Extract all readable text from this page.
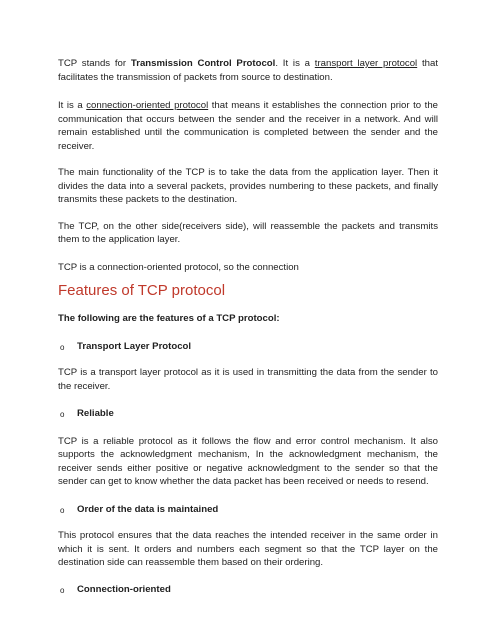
TCP stands for Transmission Control Protocol. It is a transport layer protocol that facilitates the transmission of packets from source to destination.

It is a connection-oriented protocol that means it establishes the connection prior to the communication that occurs between the sender and the receiver in a network. And will remain established until the communication is completed between the sender and the receiver.

The main functionality of the TCP is to take the data from the application layer. Then it divides the data into a several packets, provides numbering to these packets, and finally transmits these packets to the destination.

The TCP, on the other side(receivers side), will reassemble the packets and transmits them to the application layer.

TCP is a connection-oriented protocol, so the connection

Features of TCP protocol

The following are the features of a TCP protocol:

o	Transport Layer Protocol

TCP is a transport layer protocol as it is used in transmitting the data from the sender to the receiver.

o	Reliable

TCP is a reliable protocol as it follows the flow and error control mechanism. It also supports the acknowledgment mechanism, In the acknowledgment mechanism, the receiver sends either positive or negative acknowledgment to the sender so that the sender can get to know whether the data packet has been received or needs to resend.

o	Order of the data is maintained

This protocol ensures that the data reaches the intended receiver in the same order in which it is sent. It orders and numbers each segment so that the TCP layer on the destination side can reassemble them based on their ordering.

o	Connection-oriented
